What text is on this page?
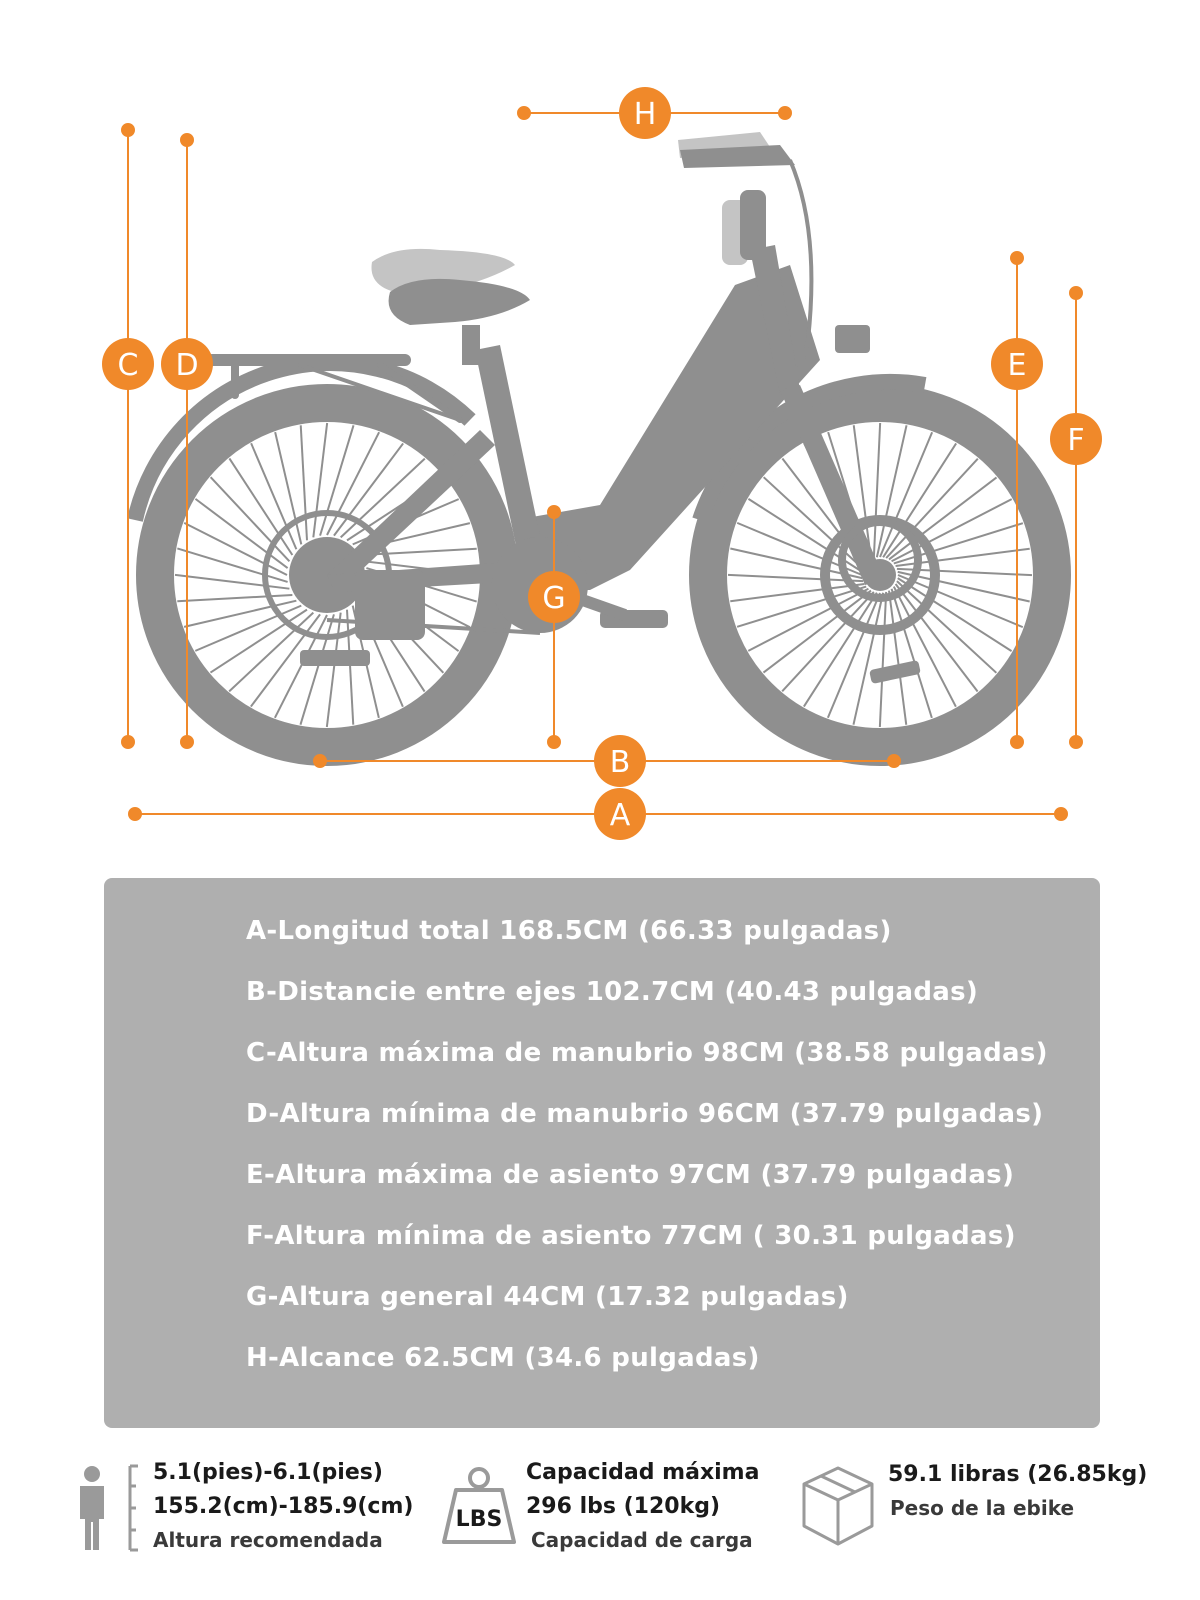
C D	E
F
G
H
B
A
A-Longitud total 168.5CM (66.33 pulgadas)
B-Distancie entre ejes 102.7CM (40.43 pulgadas)
C-Altura máxima de manubrio 98CM (38.58 pulgadas)
D-Altura mínima de manubrio 96CM (37.79 pulgadas)
E-Altura máxima de asiento 97CM (37.79 pulgadas)
F-Altura mínima de asiento 77CM ( 30.31 pulgadas)
G-Altura general 44CM (17.32 pulgadas)
H-Alcance 62.5CM (34.6 pulgadas)
5.1(pies)-6.1(pies)
155.2(cm)-185.9(cm)
Altura recomendada
LBS
Capacidad máxima
296 lbs (120kg)
Capacidad de carga
59.1 libras (26.85kg)
Peso de la ebike
